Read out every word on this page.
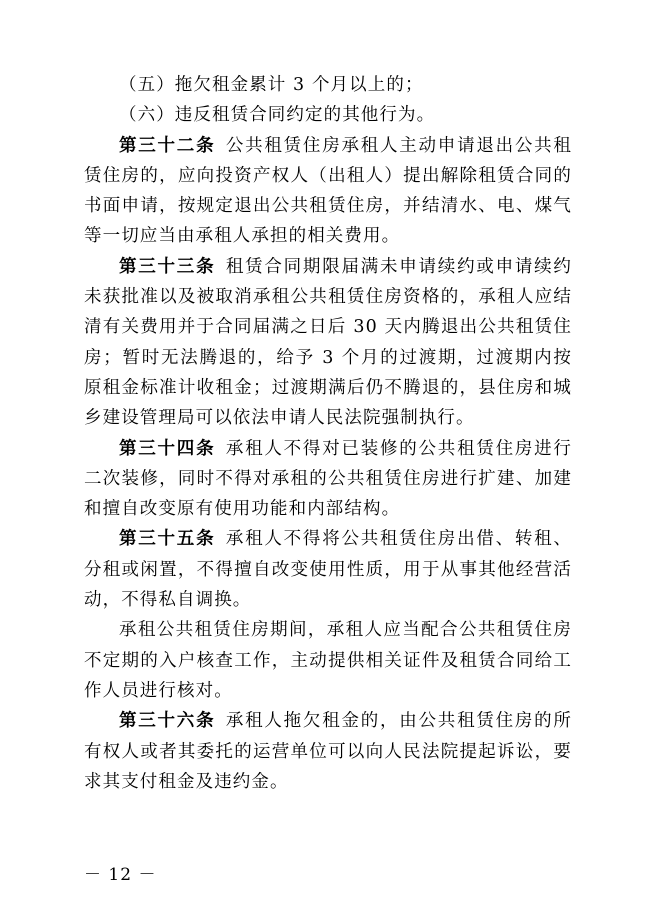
（五）拖欠租金累计 3 个月以上的；

（六）违反租赁合同约定的其他行为。

第三十二条  公共租赁住房承租人主动申请退出公共租赁住房的，应向投资产权人（出租人）提出解除租赁合同的书面申请，按规定退出公共租赁住房，并结清水、电、煤气等一切应当由承租人承担的相关费用。

第三十三条  租赁合同期限届满未申请续约或申请续约未获批准以及被取消承租公共租赁住房资格的，承租人应结清有关费用并于合同届满之日后 30 天内腾退出公共租赁住房；暂时无法腾退的，给予 3 个月的过渡期，过渡期内按原租金标准计收租金；过渡期满后仍不腾退的，县住房和城乡建设管理局可以依法申请人民法院强制执行。

第三十四条  承租人不得对已装修的公共租赁住房进行二次装修，同时不得对承租的公共租赁住房进行扩建、加建和擅自改变原有使用功能和内部结构。

第三十五条  承租人不得将公共租赁住房出借、转租、分租或闲置，不得擅自改变使用性质，用于从事其他经营活动，不得私自调换。

承租公共租赁住房期间，承租人应当配合公共租赁住房不定期的入户核查工作，主动提供相关证件及租赁合同给工作人员进行核对。

第三十六条  承租人拖欠租金的，由公共租赁住房的所有权人或者其委托的运营单位可以向人民法院提起诉讼，要求其支付租金及违约金。

－ 12 －
